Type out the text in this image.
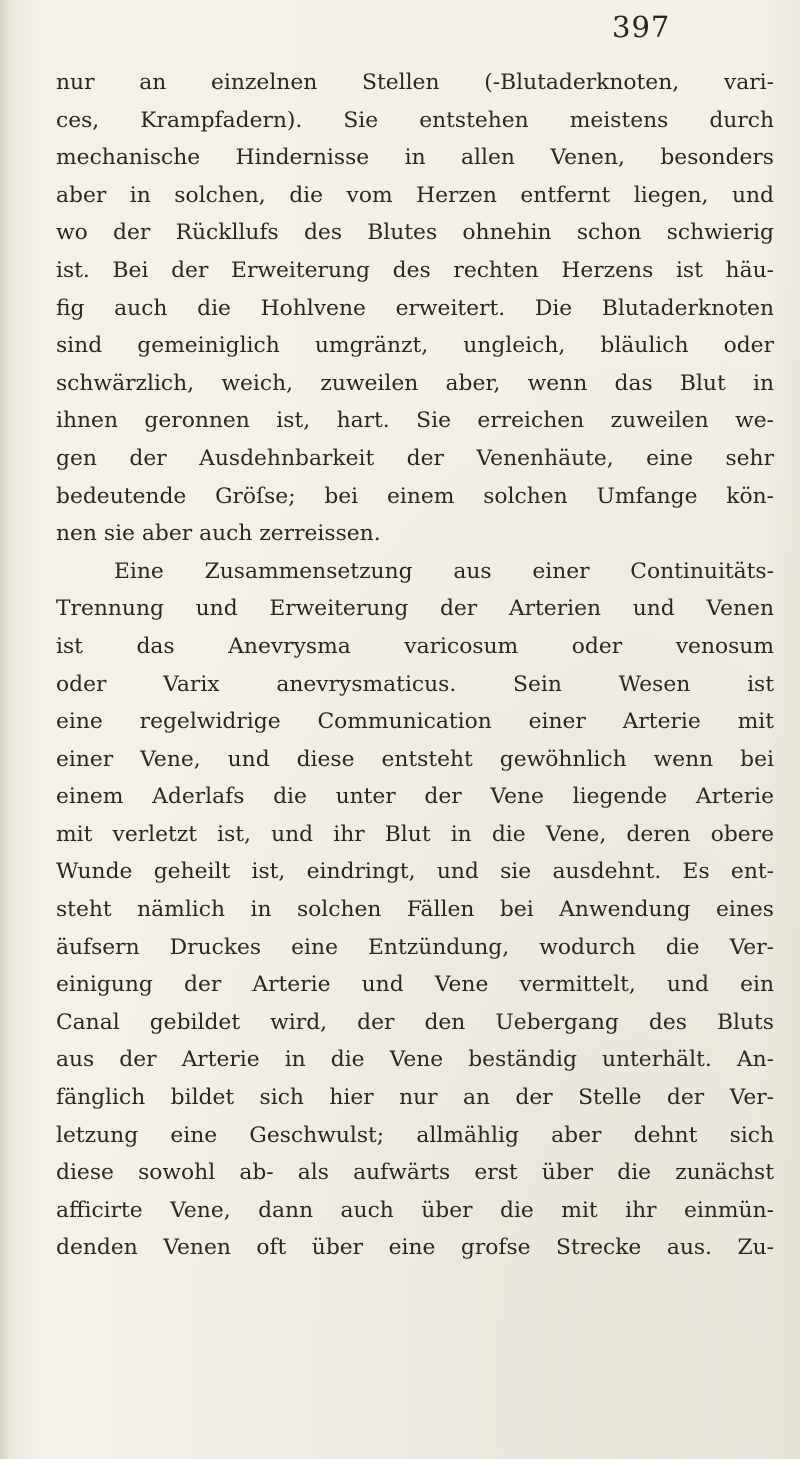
397
nur an einzelnen Stellen (-Blutaderknoten, vari-
ces, Krampfadern). Sie entstehen meistens durch
mechanische Hindernisse in allen Venen, besonders
aber in solchen, die vom Herzen entfernt liegen, und
wo der Rückllufs des Blutes ohnehin schon schwierig
ist. Bei der Erweiterung des rechten Herzens ist häu-
fig auch die Hohlvene erweitert. Die Blutaderknoten
sind gemeiniglich umgränzt, ungleich, bläulich oder
schwärzlich, weich, zuweilen aber, wenn das Blut in
ihnen geronnen ist, hart. Sie erreichen zuweilen we-
gen der Ausdehnbarkeit der Venenhäute, eine sehr
bedeutende Gröſse; bei einem solchen Umfange kön-
nen sie aber auch zerreissen.
Eine Zusammensetzung aus einer Continuitäts-
Trennung und Erweiterung der Arterien und Venen
ist das Anevrysma varicosum oder venosum
oder Varix anevrysmaticus. Sein Wesen ist
eine regelwidrige Communication einer Arterie mit
einer Vene, und diese entsteht gewöhnlich wenn bei
einem Aderlafs die unter der Vene liegende Arterie
mit verletzt ist, und ihr Blut in die Vene, deren obere
Wunde geheilt ist, eindringt, und sie ausdehnt. Es ent-
steht nämlich in solchen Fällen bei Anwendung eines
äufsern Druckes eine Entzündung, wodurch die Ver-
einigung der Arterie und Vene vermittelt, und ein
Canal gebildet wird, der den Uebergang des Bluts
aus der Arterie in die Vene beständig unterhält. An-
fänglich bildet sich hier nur an der Stelle der Ver-
letzung eine Geschwulst; allmählig aber dehnt sich
diese sowohl ab- als aufwärts erst über die zunächst
afficirte Vene, dann auch über die mit ihr einmün-
denden Venen oft über eine grofse Strecke aus. Zu-
